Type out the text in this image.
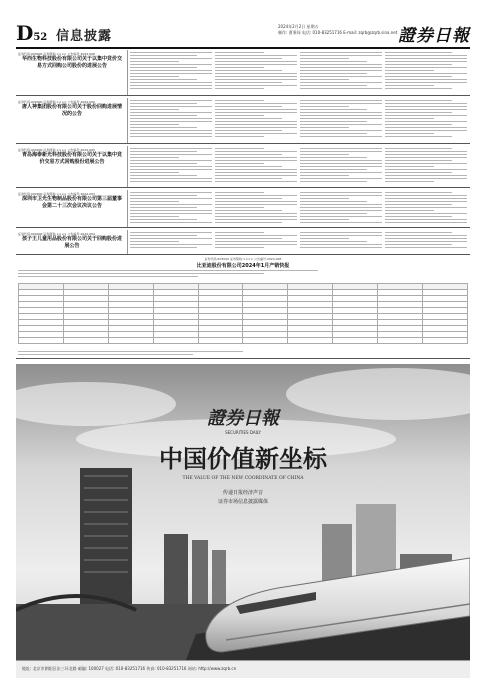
D52 信息披露
2024年2月2日 星期五
制作: 曹秉琛 电话: 010-83251716 E-mail: zqrb@zqrb.sina.net 證券日報
证券代码:000000 证券简称:×××× 公告编号:2024-008
华西生物科技股份有限公司关于以集中竞价交易方式回购公司股份的进展公告
证券代码:000000 证券简称:×××× 公告编号:2024-006
唐人神集团股份有限公司关于股份回购进展情况的公告
证券代码:000000 证券简称:×××× 公告编号:2024-005
青岛海泰新光科技股份有限公司关于以集中竞价交易方式回购股份进展公告
证券代码:000000 证券简称:×××× 公告编号:2024-003
深圳市卫光生物制品股份有限公司第三届董事会第二十三次会议决议公告
证券代码:000000 证券简称:×××× 公告编号:2024-004
孩子王儿童用品股份有限公司关于回购股份进展公告
证券代码:603000 证券简称:×××× 公告编号:2024-006
比亚迪股份有限公司2024年1月产销快报

證券日報
SECURITIES DAILY
中国价值新坐标
THE VALUE OF THE NEW COORDINATE OF CHINA
传递日报经济声音
证券市场信息披露媒体
地址: 北京市朝阳区东三环北路 邮编: 100027 电话: 010-83251716 传真: 010-83251716 网站: http://www.zqrb.cn
